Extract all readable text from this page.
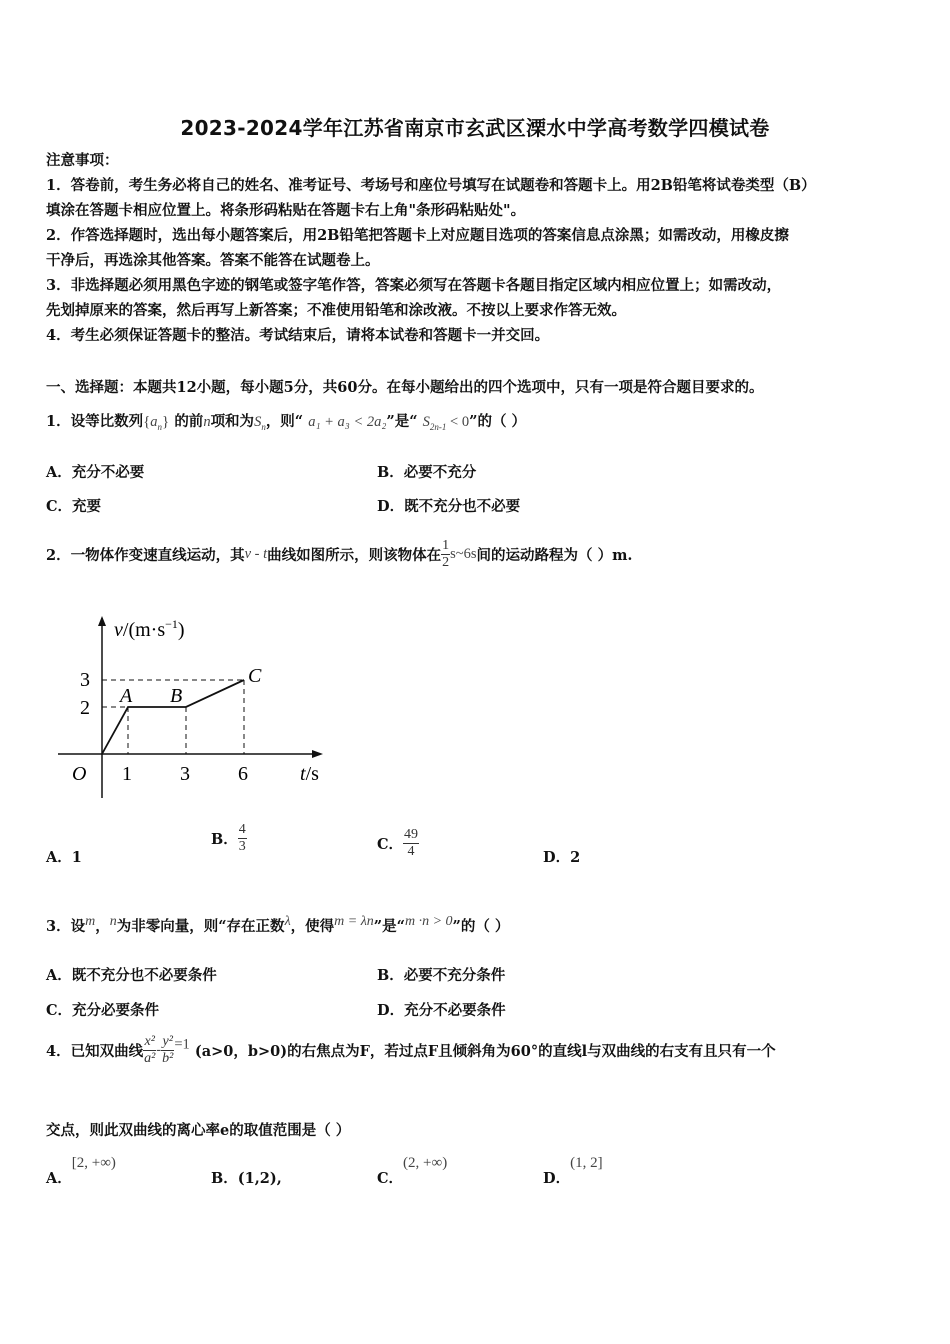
2023-2024学年江苏省南京市玄武区溧水中学高考数学四模试卷
注意事项：
1．答卷前，考生务必将自己的姓名、准考证号、考场号和座位号填写在试题卷和答题卡上。用2B铅笔将试卷类型（B）
填涂在答题卡相应位置上。将条形码粘贴在答题卡右上角"条形码粘贴处"。
2．作答选择题时，选出每小题答案后，用2B铅笔把答题卡上对应题目选项的答案信息点涂黑；如需改动，用橡皮擦
干净后，再选涂其他答案。答案不能答在试题卷上。
3．非选择题必须用黑色字迹的钢笔或签字笔作答，答案必须写在答题卡各题目指定区域内相应位置上；如需改动，
先划掉原来的答案，然后再写上新答案；不准使用铅笔和涂改液。不按以上要求作答无效。
4．考生必须保证答题卡的整洁。考试结束后，请将本试卷和答题卡一并交回。
一、选择题：本题共12小题，每小题5分，共60分。在每小题给出的四个选项中，只有一项是符合题目要求的。
1．设等比数列$\{a_n\}$ 的前n项和为$S_n$，则“ a₁ + a₃ < 2a₂”是“ $S_{2n-1} < 0$”的（ ）
A．充分不必要	B．必要不充分
C．充要	D．既不充分也不必要
2．一物体作变速直线运动，其v - t曲线如图所示，则该物体在 $\frac{1}{2}$ s~6s间的运动路程为（ ）m.
$v/(m\cdot s^{-1})$
t/s
O 1 3 6
2
3
A B
C
A．1
B． $\frac{4}{3}$	C． $\frac{49}{4}$	D．2
3．设$^m$，$^n$为非零向量，则“存在正数$^\lambda$，使得$^{m = \lambda n}$”是“$^{m \cdot n > 0}$”的（ ）
A．既不充分也不必要条件	B．必要不充分条件
C．充分必要条件	D．充分不必要条件
4．已知双曲线 $\frac{\text{x²}}{\text{a²}} - \frac{\text{y²}}{\text{b²}} =1$ (a>0，b>0)的右焦点为F，若过点F且倾斜角为60°的直线l与双曲线的右支有且只有一个
交点，则此双曲线的离心率e的取值范围是（ ）
A．[2, +∞)
B．(1,2),	C．(2, +∞)
D．(1, 2]
